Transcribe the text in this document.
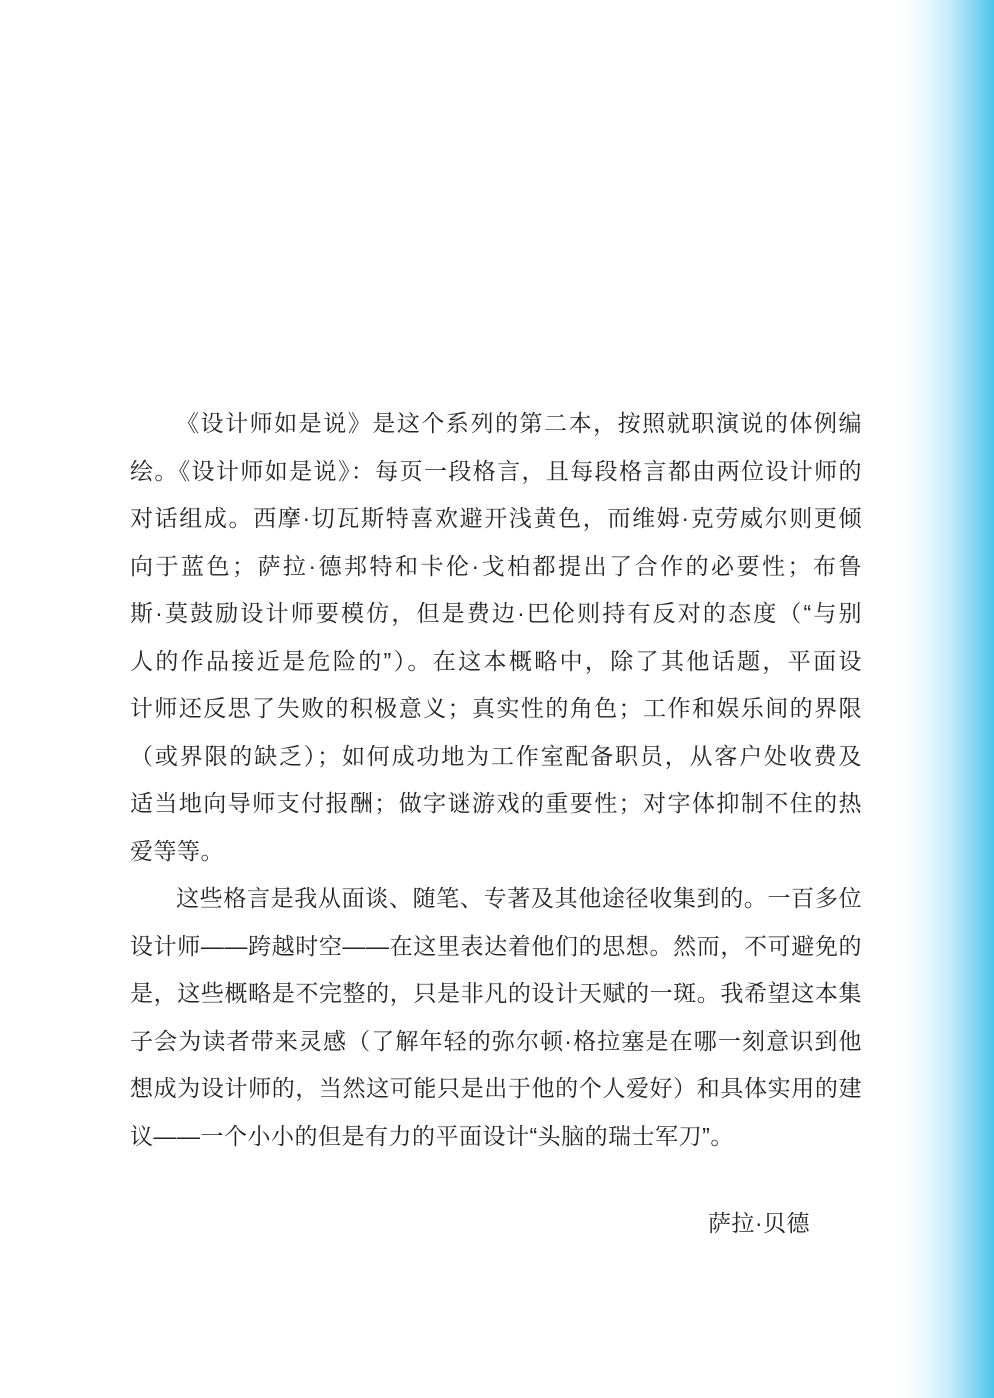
《设计师如是说》是这个系列的第二本，按照就职演说的体例编
绘。《设计师如是说》：每页一段格言，且每段格言都由两位设计师的
对话组成。西摩·切瓦斯特喜欢避开浅黄色，而维姆·克劳威尔则更倾
向于蓝色；萨拉·德邦特和卡伦·戈柏都提出了合作的必要性；布鲁
斯·莫鼓励设计师要模仿，但是费边·巴伦则持有反对的态度（“与别
人的作品接近是危险的”）。在这本概略中，除了其他话题，平面设
计师还反思了失败的积极意义；真实性的角色；工作和娱乐间的界限
（或界限的缺乏）；如何成功地为工作室配备职员，从客户处收费及
适当地向导师支付报酬；做字谜游戏的重要性；对字体抑制不住的热
爱等等。
这些格言是我从面谈、随笔、专著及其他途径收集到的。一百多位
设计师——跨越时空——在这里表达着他们的思想。然而，不可避免的
是，这些概略是不完整的，只是非凡的设计天赋的一斑。我希望这本集
子会为读者带来灵感（了解年轻的弥尔顿·格拉塞是在哪一刻意识到他
想成为设计师的，当然这可能只是出于他的个人爱好）和具体实用的建
议——一个小小的但是有力的平面设计“头脑的瑞士军刀”。
萨拉·贝德
